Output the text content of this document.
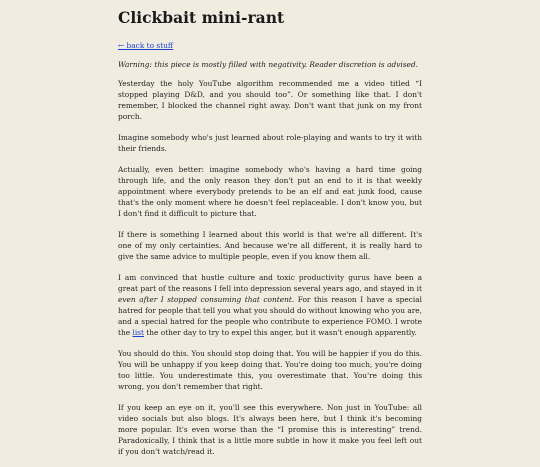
Clickbait mini-rant
← back to stuff

Warning: this piece is mostly filled with negativity. Reader discretion is advised.

Yesterday the holy YouTube algorithm recommended me a video titled “I stopped playing D&D, and you should too”. Or something like that. I don't remember, I blocked the channel right away. Don't want that junk on my front porch.

Imagine somebody who's just learned about role-playing and wants to try it with their friends.

Actually, even better: imagine somebody who's having a hard time going through life, and the only reason they don't put an end to it is that weekly appointment where everybody pretends to be an elf and eat junk food, cause that's the only moment where he doesn't feel replaceable. I don't know you, but I don't find it difficult to picture that.

If there is something I learned about this world is that we're all different. It's one of my only certainties. And because we're all different, it is really hard to give the same advice to multiple people, even if you know them all.

I am convinced that hustle culture and toxic productivity gurus have been a great part of the reasons I fell into depression several years ago, and stayed in it even after I stopped consuming that content. For this reason I have a special hatred for people that tell you what you should do without knowing who you are, and a special hatred for the people who contribute to experience FOMO. I wrote the list the other day to try to expel this anger, but it wasn't enough apparently.

You should do this. You should stop doing that. You will be happier if you do this. You will be unhappy if you keep doing that. You're doing too much, you're doing too little. You underestimate this, you overestimate that. You're doing this wrong, you don't remember that right.

If you keep an eye on it, you'll see this everywhere. Non just in YouTube: all video socials but also blogs. It's always been here, but I think it's becoming more popular. It's even worse than the “I promise this is interesting” trend. Paradoxically, I think that is a little more subtle in how it make you feel left out if you don't watch/read it.
